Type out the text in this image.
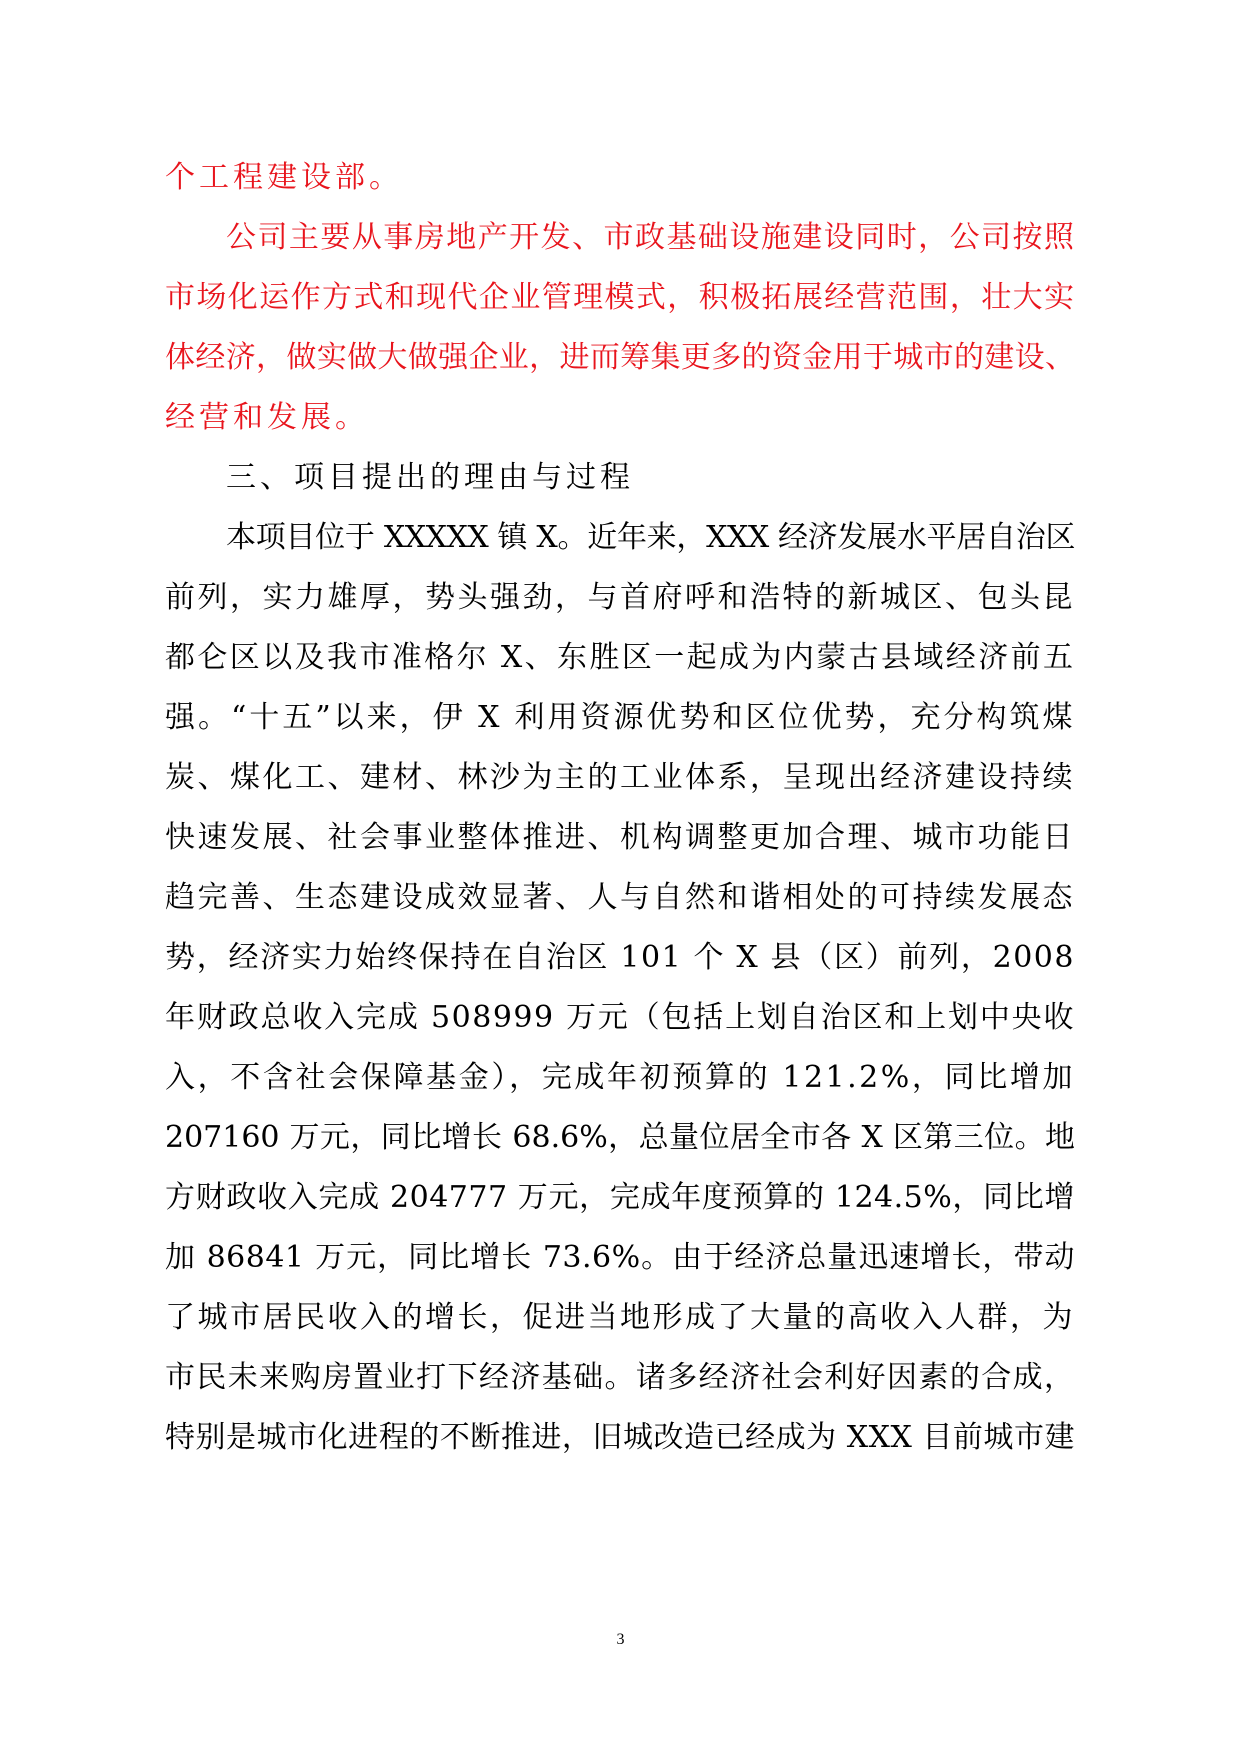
个工程建设部。
公司主要从事房地产开发、市政基础设施建设同时，公司按照
市场化运作方式和现代企业管理模式，积极拓展经营范围，壮大实
体经济，做实做大做强企业，进而筹集更多的资金用于城市的建设、
经营和发展。
三、项目提出的理由与过程
本项目位于 XXXXX 镇 X。近年来，XXX 经济发展水平居自治区
前列，实力雄厚，势头强劲，与首府呼和浩特的新城区、包头昆
都仑区以及我市准格尔 X、东胜区一起成为内蒙古县域经济前五
强。“十五”以来，伊 X 利用资源优势和区位优势，充分构筑煤
炭、煤化工、建材、林沙为主的工业体系，呈现出经济建设持续
快速发展、社会事业整体推进、机构调整更加合理、城市功能日
趋完善、生态建设成效显著、人与自然和谐相处的可持续发展态
势，经济实力始终保持在自治区 101 个 X 县（区）前列，2008
年财政总收入完成 508999 万元（包括上划自治区和上划中央收
入，不含社会保障基金），完成年初预算的 121.2%，同比增加
207160 万元，同比增长 68.6%，总量位居全市各 X 区第三位。地
方财政收入完成 204777 万元，完成年度预算的 124.5%，同比增
加 86841 万元，同比增长 73.6%。由于经济总量迅速增长，带动
了城市居民收入的增长，促进当地形成了大量的高收入人群，为
市民未来购房置业打下经济基础。诸多经济社会利好因素的合成，
特别是城市化进程的不断推进，旧城改造已经成为 XXX 目前城市建
3
